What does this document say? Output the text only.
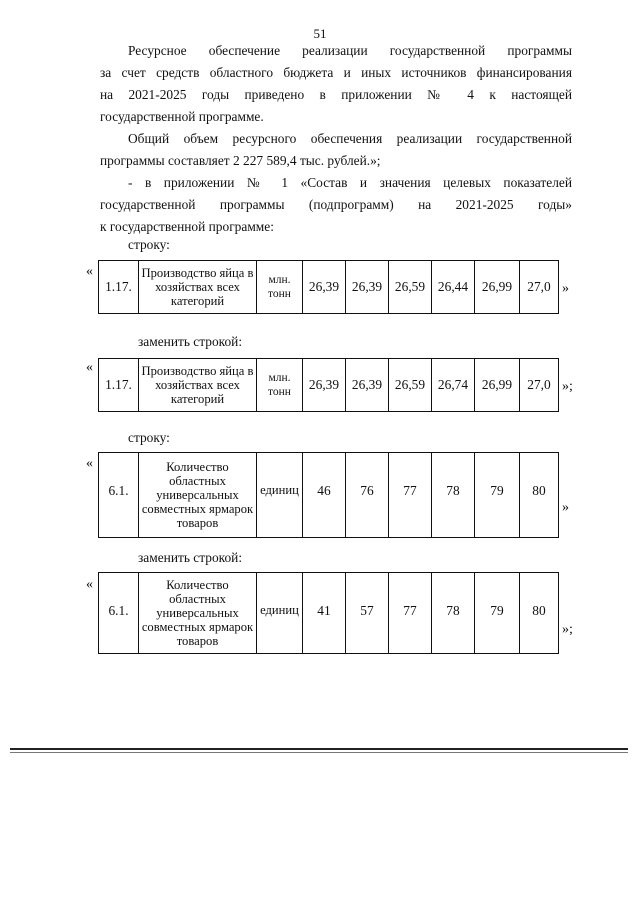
51
Ресурсное обеспечение реализации государственной программы
за счет средств областного бюджета и иных источников финансирования
на 2021-2025 годы приведено в приложении № 4 к настоящей
государственной программе.
Общий объем ресурсного обеспечения реализации государственной
программы составляет 2 227 589,4 тыс. рублей.»;
- в приложении № 1 «Состав и значения целевых показателей
государственной программы (подпрограмм) на 2021-2025 годы»
к государственной программе:
строку:
«
1.17.	Производство яйца в хозяйствах всех категорий	млн. тонн	26,39	26,39	26,59	26,44	26,99	27,0 »
заменить строкой:
«
1.17.	Производство яйца в хозяйствах всех категорий	млн. тонн	26,39	26,39	26,59	26,74	26,99	27,0 »;
строку:
«
6.1.	Количество областных универсальных совместных ярмарок товаров	единиц	46	76	77	78	79	80
»
заменить строкой:
«
6.1.	Количество областных универсальных совместных ярмарок товаров	единиц	41	57	77	78	79	80
»;
